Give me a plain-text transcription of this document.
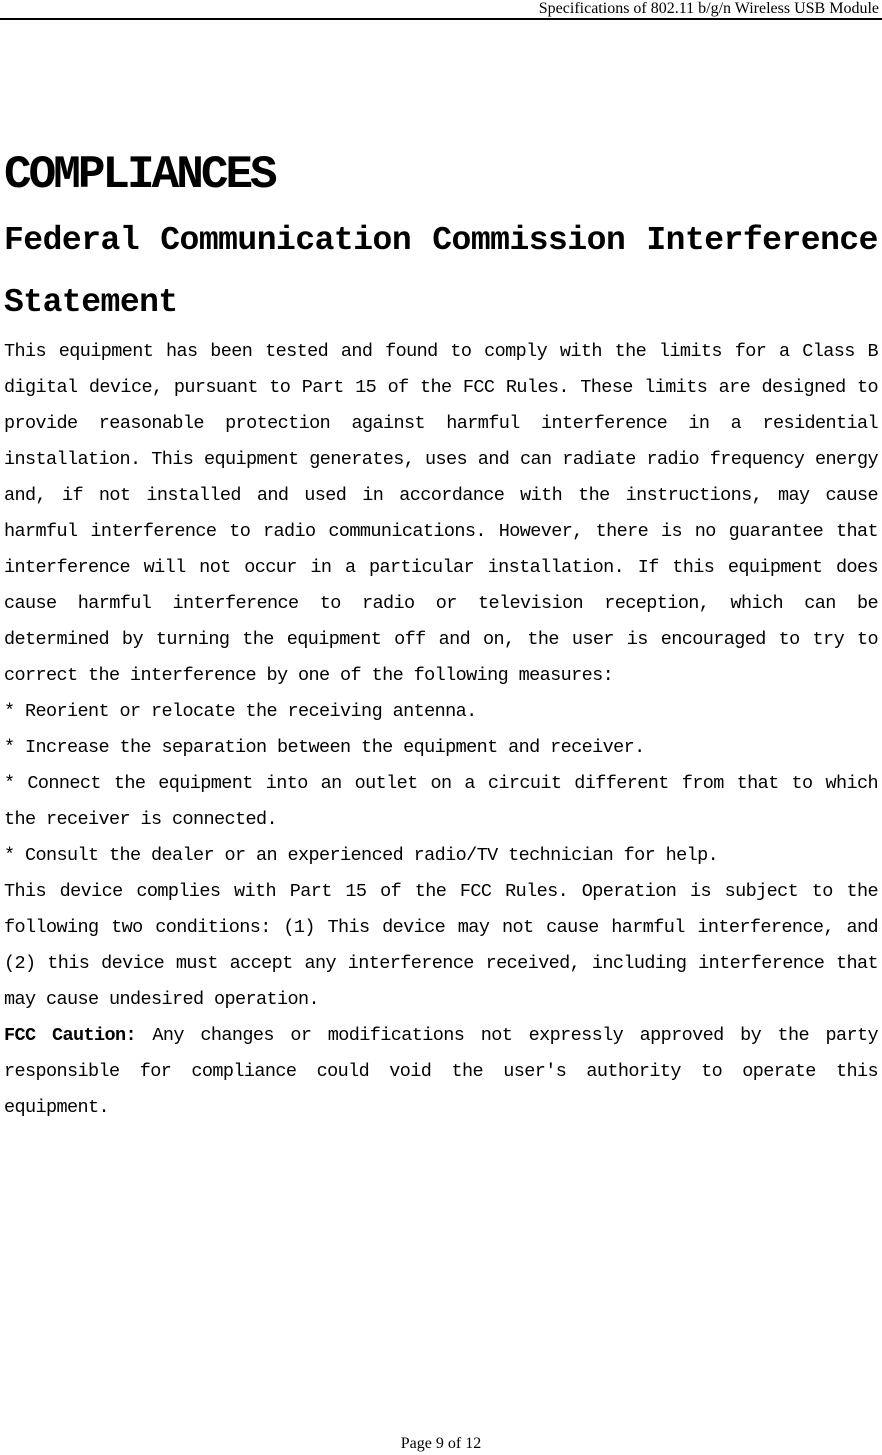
Specifications of 802.11 b/g/n Wireless USB Module
COMPLIANCES
Federal Communication Commission Interference Statement

This equipment has been tested and found to comply with the limits for a Class B digital device, pursuant to Part 15 of the FCC Rules. These limits are designed to provide reasonable protection against harmful interference in a residential installation. This equipment generates, uses and can radiate radio frequency energy and, if not installed and used in accordance with the instructions, may cause harmful interference to radio communications. However, there is no guarantee that interference will not occur in a particular installation. If this equipment does cause harmful interference to radio or television reception, which can be determined by turning the equipment off and on, the user is encouraged to try to correct the interference by one of the following measures:

* Reorient or relocate the receiving antenna.

* Increase the separation between the equipment and receiver.

* Connect the equipment into an outlet on a circuit different from that to which the receiver is connected.

* Consult the dealer or an experienced radio/TV technician for help.

This device complies with Part 15 of the FCC Rules. Operation is subject to the following two conditions: (1) This device may not cause harmful interference, and (2) this device must accept any interference received, including interference that may cause undesired operation.

FCC Caution: Any changes or modifications not expressly approved by the party responsible for compliance could void the user's authority to operate this equipment.

Page 9 of 12
